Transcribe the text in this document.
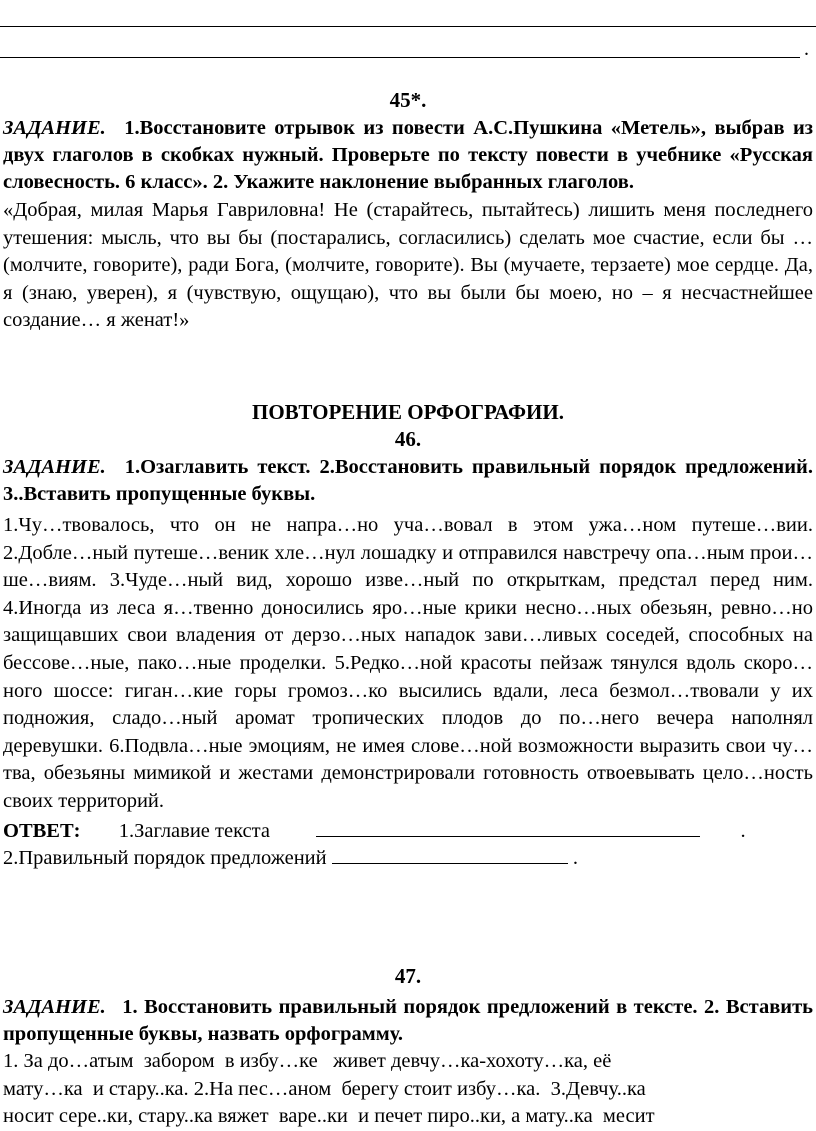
.

45*.

ЗАДАНИЕ. 1.Восстановите отрывок из повести А.С.Пушкина «Метель», выбрав из двух глаголов в скобках нужный. Проверьте по тексту повести в учебнике «Русская словесность. 6 класс». 2. Укажите наклонение выбранных глаголов.

«Добрая, милая Марья Гавриловна! Не (старайтесь, пытайтесь) лишить меня последнего утешения: мысль, что вы бы (постарались, согласились) сделать мое счастие, если бы … (молчите, говорите), ради Бога, (молчите, говорите). Вы (мучаете, терзаете) мое сердце. Да, я (знаю, уверен), я (чувствую, ощущаю), что вы были бы моею, но – я несчастнейшее создание… я женат!»

ПОВТОРЕНИЕ ОРФОГРАФИИ.

46.

ЗАДАНИЕ. 1.Озаглавить текст. 2.Восстановить правильный порядок предложений. 3..Вставить пропущенные буквы.

1.Чу…твовалось, что он не напра…но уча…вовал в этом ужа…ном путеше…вии. 2.Добле…ный путеше…веник хле…нул лошадку и отправился навстречу опа…ным прои…ше…виям. 3.Чуде…ный вид, хорошо изве…ный по открыткам, предстал перед ним. 4.Иногда из леса я…твенно доносились яро…ные крики несно…ных обезьян, ревно…но защищавших свои владения от дерзо…ных нападок зави…ливых соседей, способных на бессове…ные, пако…ные проделки. 5.Редко…ной красоты пейзаж тянулся вдоль скоро…ного шоссе: гиган…кие горы громоз…ко высились вдали, леса безмол…твовали у их подножия, сладо…ный аромат тропических плодов до по…него вечера наполнял деревушки. 6.Подвла…ные эмоциям, не имея слове…ной возможности выразить свои чу…тва, обезьяны мимикой и жестами демонстрировали готовность отвоевывать цело…ность своих территорий.

ОТВЕТ: 1.Заглавие текста	.

2.Правильный порядок предложений	.

47.

ЗАДАНИЕ. 1. Восстановить правильный порядок предложений в тексте. 2. Вставить пропущенные буквы, назвать орфограмму.

1. За до…атым  забором  в избу…ке   живет девчу…ка-хохоту…ка, её

мату…ка  и стару..ка. 2.На пес…аном  берегу стоит избу…ка.  3.Девчу..ка

носит сере..ки, стару..ка вяжет  варе..ки  и печет пиро..ки, а мату..ка  месит
